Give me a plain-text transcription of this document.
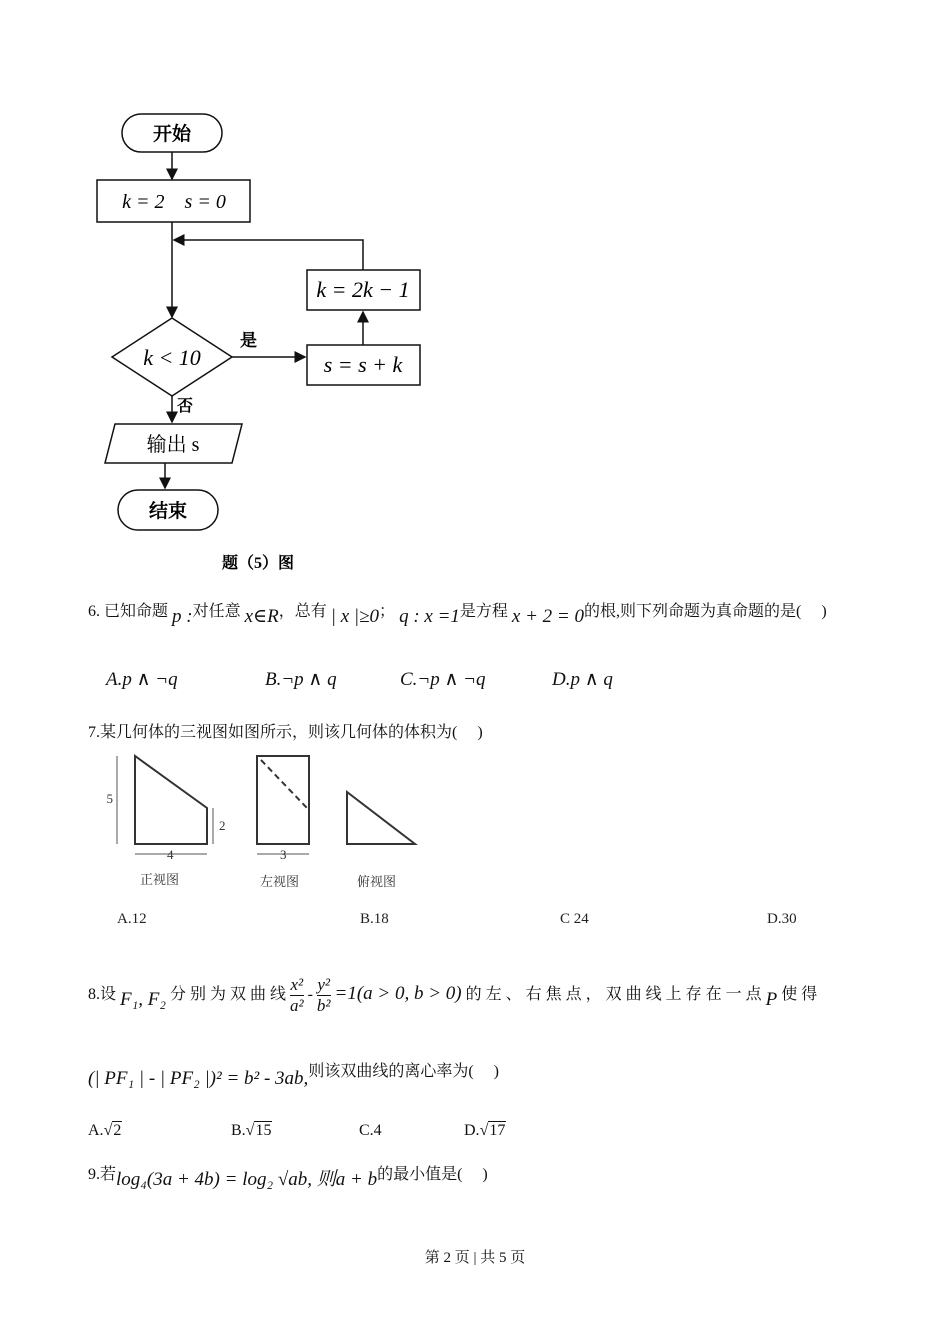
开始
k = 2    s = 0
k = 2k − 1
k < 10
是
s = s + k
否
输出 s
结束
题（5）图
6. 已知命题 p :对任意 x∈R，总有 | x |≥0； q : x =1是方程 x + 2 = 0的根,则下列命题为真命题的是(　 )
A.p ∧ ¬q	B.¬p ∧ q	C.¬p ∧ ¬q	D.p ∧ q
7.某几何体的三视图如图所示，则该几何体的体积为(　 )
5
2
4	3
正视图	左视图	俯视图
A.12	B.18	C 24	D.30
8.设 F₁, F₂ 分 别 为 双 曲 线 $\frac{\text{x²}}{\text{a²}} - \frac{\text{y²}}{\text{b²}} =1(a > 0$, b > 0) 的 左 、 右 焦 点 ， 双 曲 线 上 存 在 一 点 P 使 得
(| PF₁ | - | PF₂ |)² = b² - 3ab,则该双曲线的离心率为(　 )
A.√2	B.√15	C.4	D.√17
9.若log₄(3a + 4b) = log₂ √ab, 则a + b的最小值是(　 )
第 2 页 | 共 5 页
